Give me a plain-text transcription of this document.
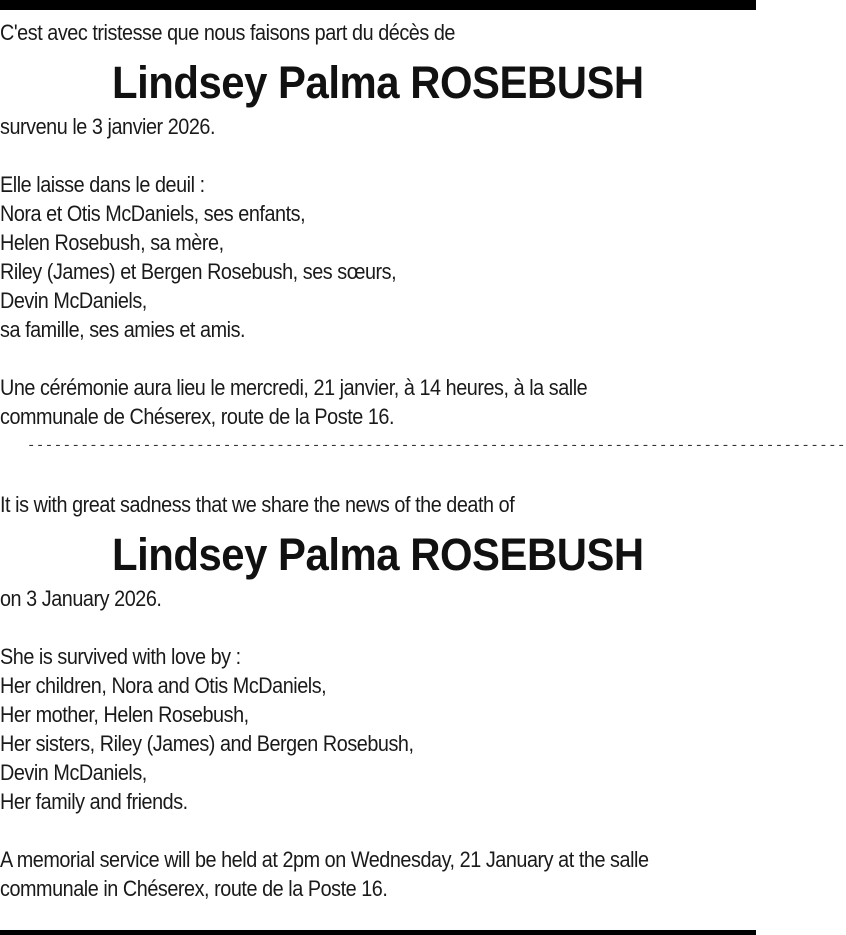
C'est avec tristesse que nous faisons part du décès de

Lindsey Palma ROSEBUSH

survenu le 3 janvier 2026.

Elle laisse dans le deuil :

Nora et Otis McDaniels, ses enfants,
Helen Rosebush, sa mère,
Riley (James) et Bergen Rosebush, ses sœurs,
Devin McDaniels,
sa famille, ses amies et amis.

Une cérémonie aura lieu le mercredi, 21 janvier, à 14 heures, à la salle

communale de Chéserex, route de la Poste 16.

--------------------------------------------------------------------------------------------

It is with great sadness that we share the news of the death of

Lindsey Palma ROSEBUSH

on 3 January 2026.

She is survived with love by :

Her children, Nora and Otis McDaniels,
Her mother, Helen Rosebush,
Her sisters, Riley (James) and Bergen Rosebush,
Devin McDaniels,
Her family and friends.

A memorial service will be held at 2pm on Wednesday, 21 January at the salle

communale in Chéserex, route de la Poste 16.
